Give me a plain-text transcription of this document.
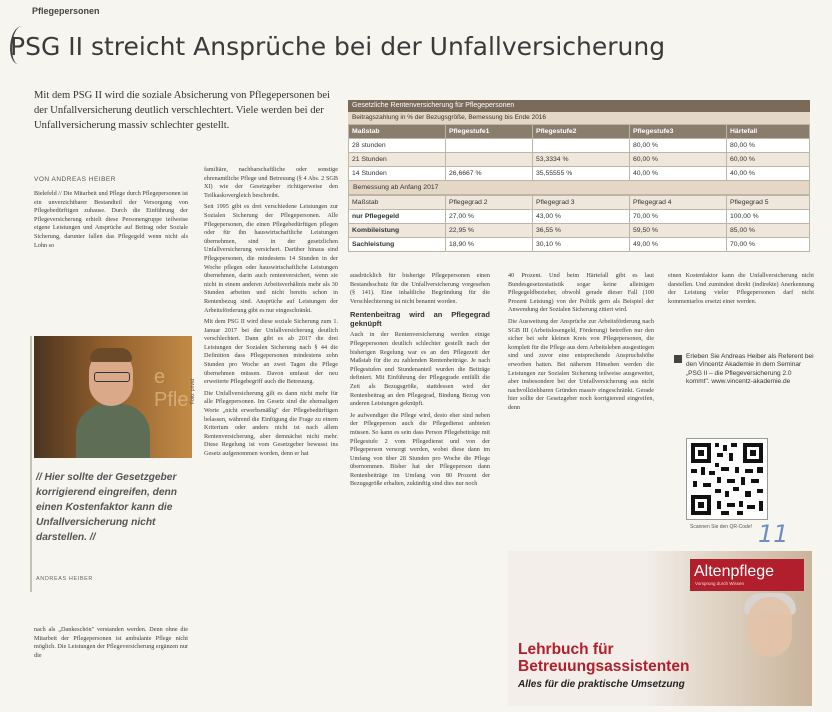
Pflegepersonen
PSG II streicht Ansprüche bei der Unfallversicherung
Mit dem PSG II wird die soziale Absicherung von Pflegepersonen bei der Unfallversicherung deutlich verschlechtert. Viele werden bei der Unfallversicherung massiv schlechter gestellt.
VON ANDREAS HEIBER

Bielefeld // Die Mitarbeit und Pflege durch Pflegepersonen ist ein unverzichtbarer Bestandteil der Versorgung von Pflegebedürftigen zuhause. Durch die Einführung der Pflegeversicherung erhielt diese Personengruppe teilweise eigene Leistungen und Ansprüche auf Beitrag oder Soziale Sicherung, darunter fallen das Pflegegeld wenn nicht als Lohn so

e Pfle Foto: privat
// Hier sollte der Gesetzgeber korrigierend eingreifen, denn einen Kostenfaktor kann die Unfallversicherung nicht darstellen. //
ANDREAS HEIBER

nach als „Dankeschön" verstanden werden. Denn ohne die Mitarbeit der Pflegepersonen ist ambulante Pflege nicht möglich. Die Leistungen der Pflegeversicherung ergänzen nur die

familiäre, nachbarschaftliche oder sonstige ehrenamtliche Pflege und Betreuung (§ 4 Abs. 2 SGB XI) wie der Gesetzgeber richtigerweise den Teilkaskovergleich beschreibt.

Seit 1995 gibt es drei verschiedene Leistungen zur Sozialen Sicherung der Pflegepersonen. Alle Pflegepersonen, die einen Pflegebedürftigen pflegen oder für ihn hauswirtschaftliche Leistungen übernehmen, sind in der gesetzlichen Unfallversicherung versichert. Darüber hinaus sind Pflegepersonen, die mindestens 14 Stunden in der Woche pflegen oder hauswirtschaftliche Leistungen übernehmen, darin auch rentenversichert, wenn sie nicht in einem anderen Arbeitsverhältnis mehr als 30 Stunden arbeiten und nicht bereits schon in Rentenbezug sind. Ansprüche auf Leistungen der Arbeitsförderung gibt es nur eingeschränkt.

Mit dem PSG II wird diese soziale Sicherung zum 1. Januar 2017 bei der Unfallversicherung deutlich verschlechtert. Dann gibt es ab 2017 die drei Leistungen der Sozialen Sicherung nach § 44 die Definition dass Pflegepersonen mindestens zehn Stunden pro Woche an zwei Tagen die Pflege übernehmen müssen. Davon umfasst der neu erweiterte Pflegebegriff auch die Betreuung.

Die Unfallversicherung gilt es dann nicht mehr für alle Pflegepersonen. Im Gesetz sind die ehemaligen Worte „nicht erwerbsmäßig" der Pflegebedürftigen belassen, während die Einfügung die Frage zu einem Kriterium oder anders nicht ist nach allem Rentenversicherung, aber demnächst nicht mehr. Diese Regelung ist vom Gesetzgeber bewusst ins Gesetz aufgenommen worden, denn er hat

Gesetzliche Rentenversicherung für Pflegepersonen
Beitragszahlung in % der Bezugsgröße, Bemessung bis Ende 2016
Maßstab	Pflegestufe1	Pflegestufe2	Pflegestufe3	Härtefall
28 stunden			80,00 %	80,00 %
21 Stunden		53,3334 %	60,00 %	60,00 %
14 Stunden	26,6667 %	35,55555 %	40,00 %	40,00 %
Bemessung ab Anfang 2017
Maßstab	Pflegegrad 2	Pflegegrad 3	Pflegegrad 4	Pflegegrad 5
nur Pflegegeld	27,00 %	43,00 %	70,00 %	100,00 %
Kombileistung	22,95 %	36,55 %	59,50 %	85,00 %
Sachleistung	18,90 %	30,10 %	49,00 %	70,00 %

ausdrücklich für bisherige Pflegepersonen einen Bestandsschutz für die Unfallversicherung vorgesehen (§ 141). Eine inhaltliche Begründung für die Verschlechterung ist nicht benannt worden.

Rentenbeitrag wird an Pflegegrad geknüpft

Auch in der Rentenversicherung werden einige Pflegepersonen deutlich schlechter gestellt nach der bisherigen Regelung war es an den Pflegezeit der Maßstab für die zu zahlenden Rentenbeiträge. Je nach Pflegestufen und Stundenanteil wurden die Beiträge definiert. Mit Einführung der Pflegegrade entfällt die Zeit als Bezugsgröße, stattdessen wird der Rentenbeitrag an den Pflegegrad, Bindung Bezug von anderen Leistungen geknüpft.

Je aufwendiger die Pflege wird, desto eher sind neben der Pflegeperson auch die Pflegedienst anbieten müssen. So kann es sein dass Person Pflegebeiträge mit Pflegestufe 2 vom Pflegedienst und von der Pflegeperson versorgt werden, wobei diese dann im Umfang von über 28 Stunden pro Woche die Pflege übernommen. Bisher hat der Pflegeperson dann Rentenbeiträge im Umfang von 80 Prozent der Bezugsgröße erhalten, zukünftig sind dies nur noch

40 Prozent. Und beim Härtefall gibt es laut Bundesgesetzestatistik sogar keine alleinigen Pflegegeldbezieher, obwohl gerade dieser Fall (100 Prozent Leistung) von der Politik gern als Beispiel der Anwendung der Sozialen Sicherung zitiert wird.

Die Ausweitung der Ansprüche zur Arbeitsförderung nach SGB III (Arbeitslosengeld, Förderung) betreffen nur den sicher bei sehr kleinen Kreis von Pflegepersonen, die komplett für die Pflege aus dem Arbeitsleben ausgestiegen sind und zuvor eine entsprechende Anspruchshöhe erworben hatten. Bei näherem Hinsehen werden die Leistungen zur Sozialen Sicherung teilweise ausgeweitet, aber insbesondere bei der Unfallversicherung aus nicht nachvollziehbaren Gründen massiv eingeschränkt. Gerade hier sollte der Gesetzgeber noch korrigierend eingreifen, denn

einen Kostenfaktor kann die Unfallversicherung nicht darstellen. Und zumindest direkt (indirekte) Anerkennung der Leistung vieler Pflegepersonen darf nicht kommentarlos ersetzt einer werden.

Erleben Sie Andreas Heiber als Referent bei den Vincentz Akademie in dem Seminar „PSG II – die Pflegeversicherung 2.0 kommt". www.vincentz-akademie.de
Scannen Sie den QR-Code! 11
Altenpflege
Vorsprung durch Wissen
Lehrbuch für
Betreuungsassistenten
Alles für die praktische Umsetzung
